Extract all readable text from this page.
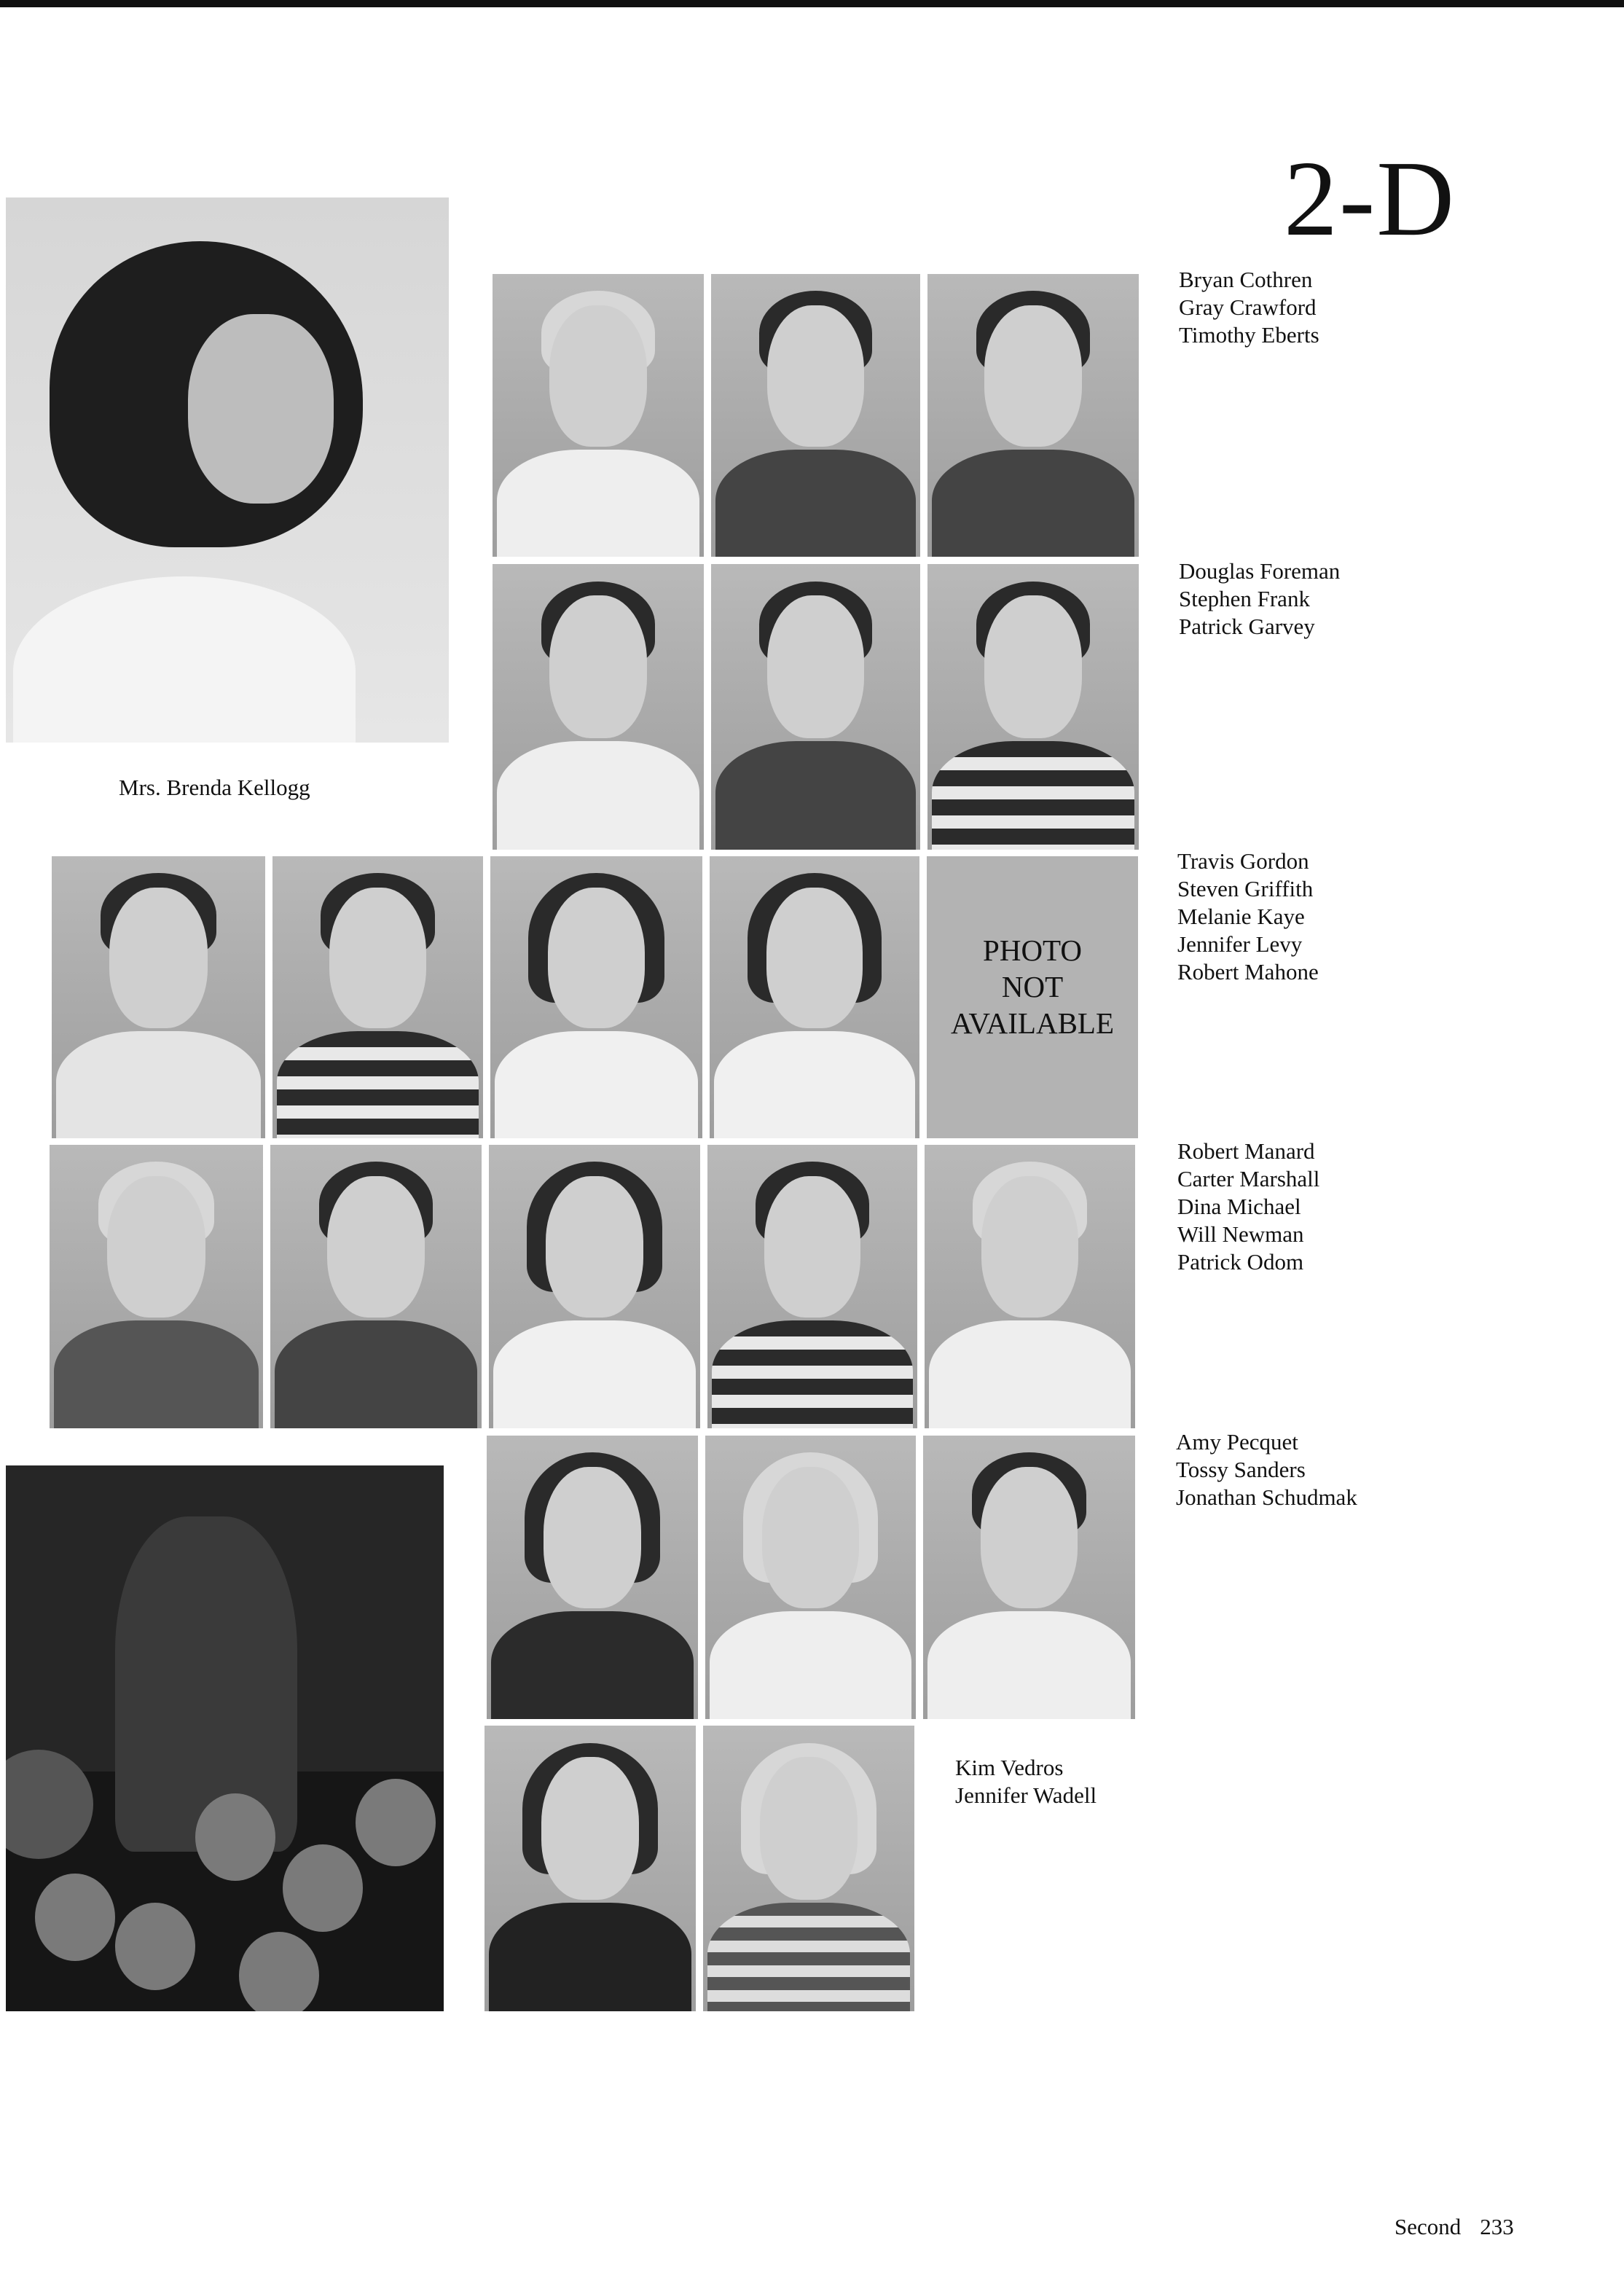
2-D
Mrs. Brenda Kellogg
PHOTO
NOT
AVAILABLE
Bryan Cothren
Gray Crawford
Timothy Eberts
Douglas Foreman
Stephen Frank
Patrick Garvey
Travis Gordon
Steven Griffith
Melanie Kaye
Jennifer Levy
Robert Mahone
Robert Manard
Carter Marshall
Dina Michael
Will Newman
Patrick Odom
Amy Pecquet
Tossy Sanders
Jonathan Schudmak
Kim Vedros
Jennifer Wadell
Second 233
